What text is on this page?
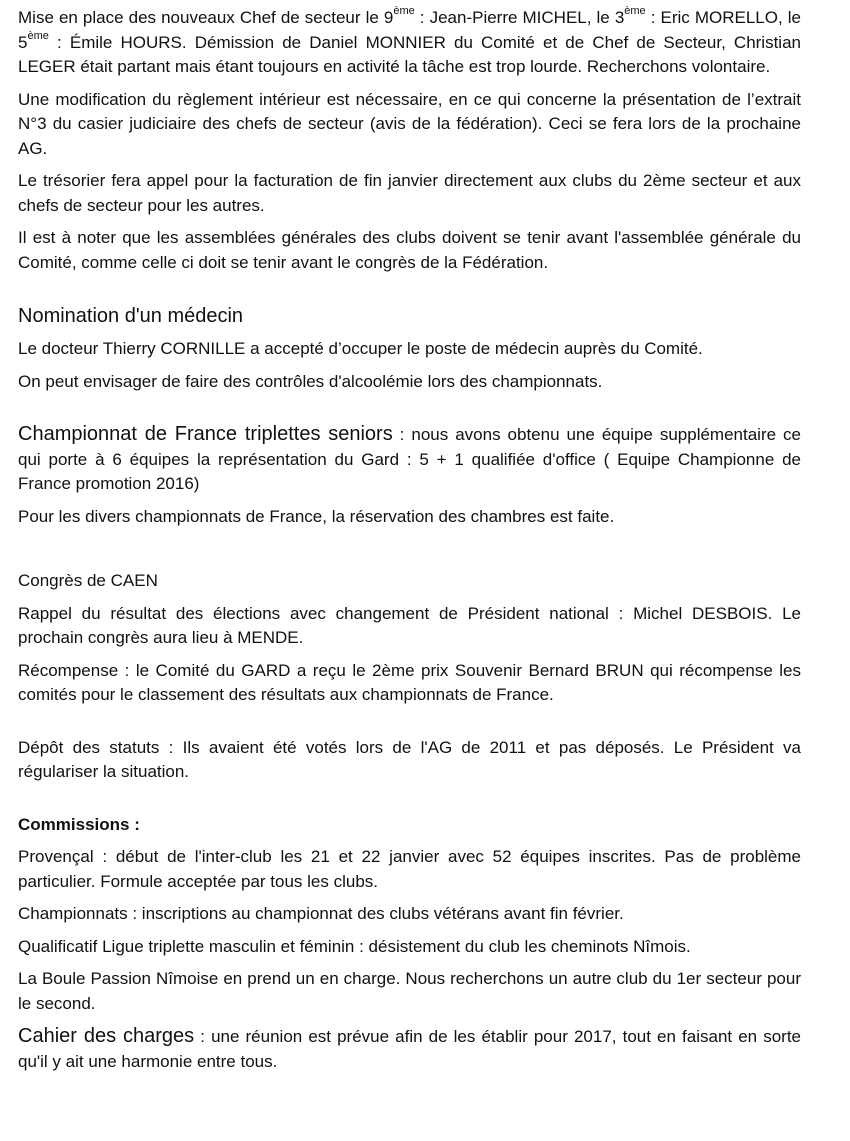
Mise en place des nouveaux Chef de secteur le 9ème : Jean-Pierre MICHEL, le 3ème : Eric MORELLO, le 5ème : Émile HOURS. Démission de Daniel MONNIER du Comité et de Chef de Secteur, Christian LEGER était partant mais étant toujours en activité la tâche est trop lourde. Recherchons volontaire.

Une modification du règlement intérieur est nécessaire, en ce qui concerne la présentation de l’extrait N°3 du casier judiciaire des chefs de secteur (avis de la fédération). Ceci se fera lors de la prochaine AG.

Le trésorier fera appel pour la facturation de fin janvier directement aux clubs du 2ème secteur et aux chefs de secteur pour les autres.

Il est à noter que les assemblées générales des clubs doivent se tenir avant l'assemblée générale du Comité, comme celle ci doit se tenir avant le congrès de la Fédération.

Nomination d'un médecin

Le docteur Thierry CORNILLE a accepté d’occuper le poste de médecin auprès du Comité.

On peut envisager de faire des contrôles d'alcoolémie lors des championnats.

Championnat de France triplettes seniors : nous avons obtenu une équipe supplémentaire ce qui porte à 6 équipes la représentation du Gard : 5 + 1 qualifiée d'office ( Equipe Championne de France promotion 2016)

Pour les divers championnats de France, la réservation des chambres est faite.

Congrès de CAEN

Rappel du résultat des élections avec changement de Président national : Michel DESBOIS. Le prochain congrès aura lieu à MENDE.

Récompense : le Comité du GARD a reçu le 2ème prix Souvenir Bernard BRUN qui récompense les comités pour le classement des résultats aux championnats de France.

Dépôt des statuts : Ils avaient été votés lors de l'AG de 2011 et pas déposés. Le Président va régulariser la situation.

Commissions :

Provençal : début de l'inter-club les 21 et 22 janvier avec 52 équipes inscrites. Pas de problème particulier. Formule acceptée par tous les clubs.

Championnats : inscriptions au championnat des clubs vétérans avant fin février.

Qualificatif Ligue triplette masculin et féminin : désistement du club les cheminots Nîmois.

La Boule Passion Nîmoise en prend un en charge. Nous recherchons un autre club du 1er secteur pour le second.

Cahier des charges : une réunion est prévue afin de les établir pour 2017, tout en faisant en sorte qu'il y ait une harmonie entre tous.
